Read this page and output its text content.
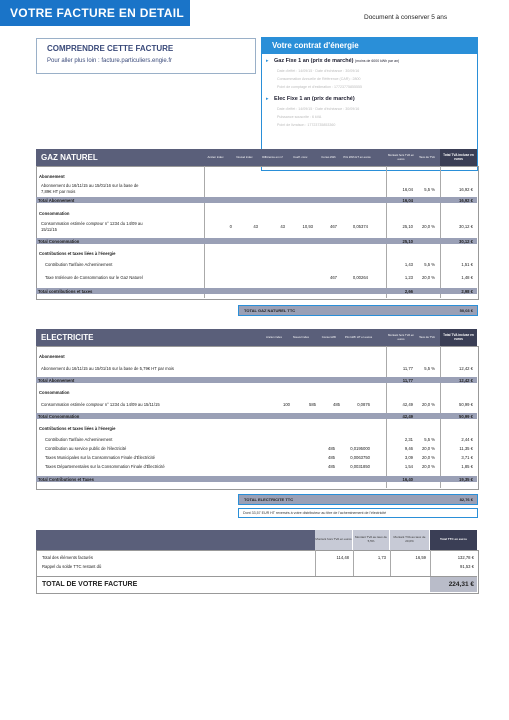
VOTRE FACTURE EN DETAIL	Document à conserver 5 ans
COMPRENDRE CETTE FACTURE
Pour aller plus loin : facture.particuliers.engie.fr
Votre contrat d'énergie
▸ Gaz Fixe 1 an (prix de marché) (moins de 6000 kWh par an)
Date d'effet : 14/09/15 · Date d'échéance : 30/09/16
Consommation Annuelle de Référence (CAR) : 2800
Point de comptage et d'estimation : 17723775855555
▸ Elec Fixe 1 an (prix de marché)
Date d'effet : 14/09/15 · Date d'échéance : 30/09/16
Puissance souscrite : 6 kVA
Point de livraison : 17723735853360
GAZ NATUREL	Ancien index	Nouvel index	Différence en m³	Coeff. conv.	Conso kWh	Prix kWh HT en euros	Montant hors TVA en euros	Taux de TVA	Total TVA incluse en euros
Abonnement
Abonnement du 16/11/15 au 15/01/16 sur la base de
7,89€ HT par mois	16,04	5,5 %	16,92 €
Total Abonnement	16,04	16,92 €
Consommation
Consommation estimée compteur n° 1234 du 14/09 au
15/11/15
0	43	43	10,93	467	0,05374	25,10	20,0 %	30,12 €
Total Consommation	25,10	30,12 €
Contributions et taxes liées à l'énergie
Contribution Tarifaire Acheminement	1,43	5,5 %	1,51 €
Taxe Intérieure de Consommation sur le Gaz Naturel	467	0,00264	1,23	20,0 %	1,48 €
Total contributions et taxes	2,66	2,98 €
TOTAL GAZ NATUREL TTC	50,03 €
ELECTRICITE	Ancien index	Nouvel index	Conso kWh	Prix kWh HT en euros	Montant hors TVA en euros	Taux de TVA	Total TVA incluse en euros
Abonnement
Abonnement du 16/11/15 au 15/01/16 sur la base de 5,79€ HT par mois	11,77	5,5 %	12,42 €
Total Abonnement	11,77	12,42 €
Consommation
Consommation estimée compteur n° 1234 du 14/09 au 15/11/15	100	585	485	0,0876	42,49	20,0 %	50,99 €
Total Consommation	42,49	50,99 €
Contributions et taxes liées à l'énergie
Contribution Tarifaire Acheminement	2,31	5,5 %	2,44 €
Contribution au service public de l'électricité	485	0,0195000	9,46	20,0 %	11,35 €
Taxes Municipales sur la Consommation Finale d'Électricité	485	0,0063750	3,09	20,0 %	3,71 €
Taxes Départementales sur la Consommation Finale d'Électricité	485	0,0031850	1,54	20,0 %	1,85 €
Total Contributions et Taxes	16,40	19,35 €
TOTAL ELECTRICITE TTC	82,76 €
Dont 33,57 EUR HT reversés à votre distributeur au titre de l'acheminement de l'électricité
Montant hors TVA en euros	Montant TVA au taux de 5,5%
Montant TVA au taux de 20,0%	Total TTC en euros
Total des éléments facturés	114,48	1,73	16,59	132,78 €
Rappel du solde TTC restant dû	91,53 €
TOTAL DE VOTRE FACTURE	224,31 €
